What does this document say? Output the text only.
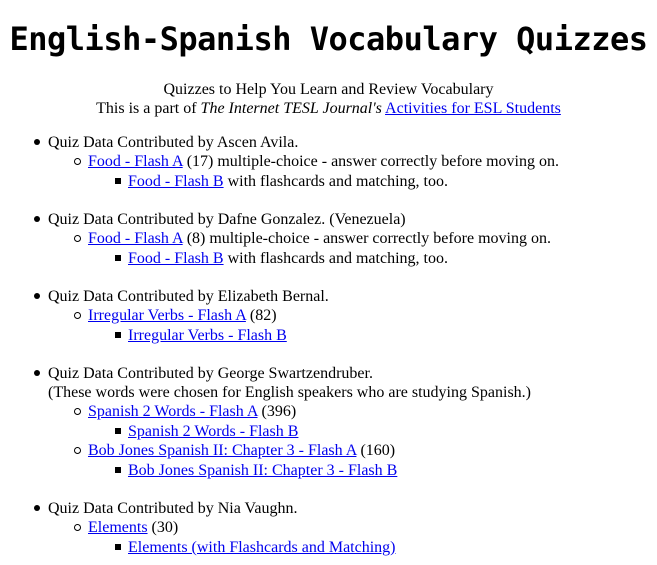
English-Spanish Vocabulary Quizzes
Quizzes to Help You Learn and Review Vocabulary
This is a part of The Internet TESL Journal's Activities for ESL Students
Quiz Data Contributed by Ascen Avila.
Food - Flash A (17) multiple-choice - answer correctly before moving on.
Food - Flash B with flashcards and matching, too.
Quiz Data Contributed by Dafne Gonzalez. (Venezuela)
Food - Flash A (8) multiple-choice - answer correctly before moving on.
Food - Flash B with flashcards and matching, too.
Quiz Data Contributed by Elizabeth Bernal.
Irregular Verbs - Flash A (82)
Irregular Verbs - Flash B
Quiz Data Contributed by George Swartzendruber.
(These words were chosen for English speakers who are studying Spanish.)
Spanish 2 Words - Flash A (396)
Spanish 2 Words - Flash B
Bob Jones Spanish II: Chapter 3 - Flash A (160)
Bob Jones Spanish II: Chapter 3 - Flash B
Quiz Data Contributed by Nia Vaughn.
Elements (30)
Elements (with Flashcards and Matching)
